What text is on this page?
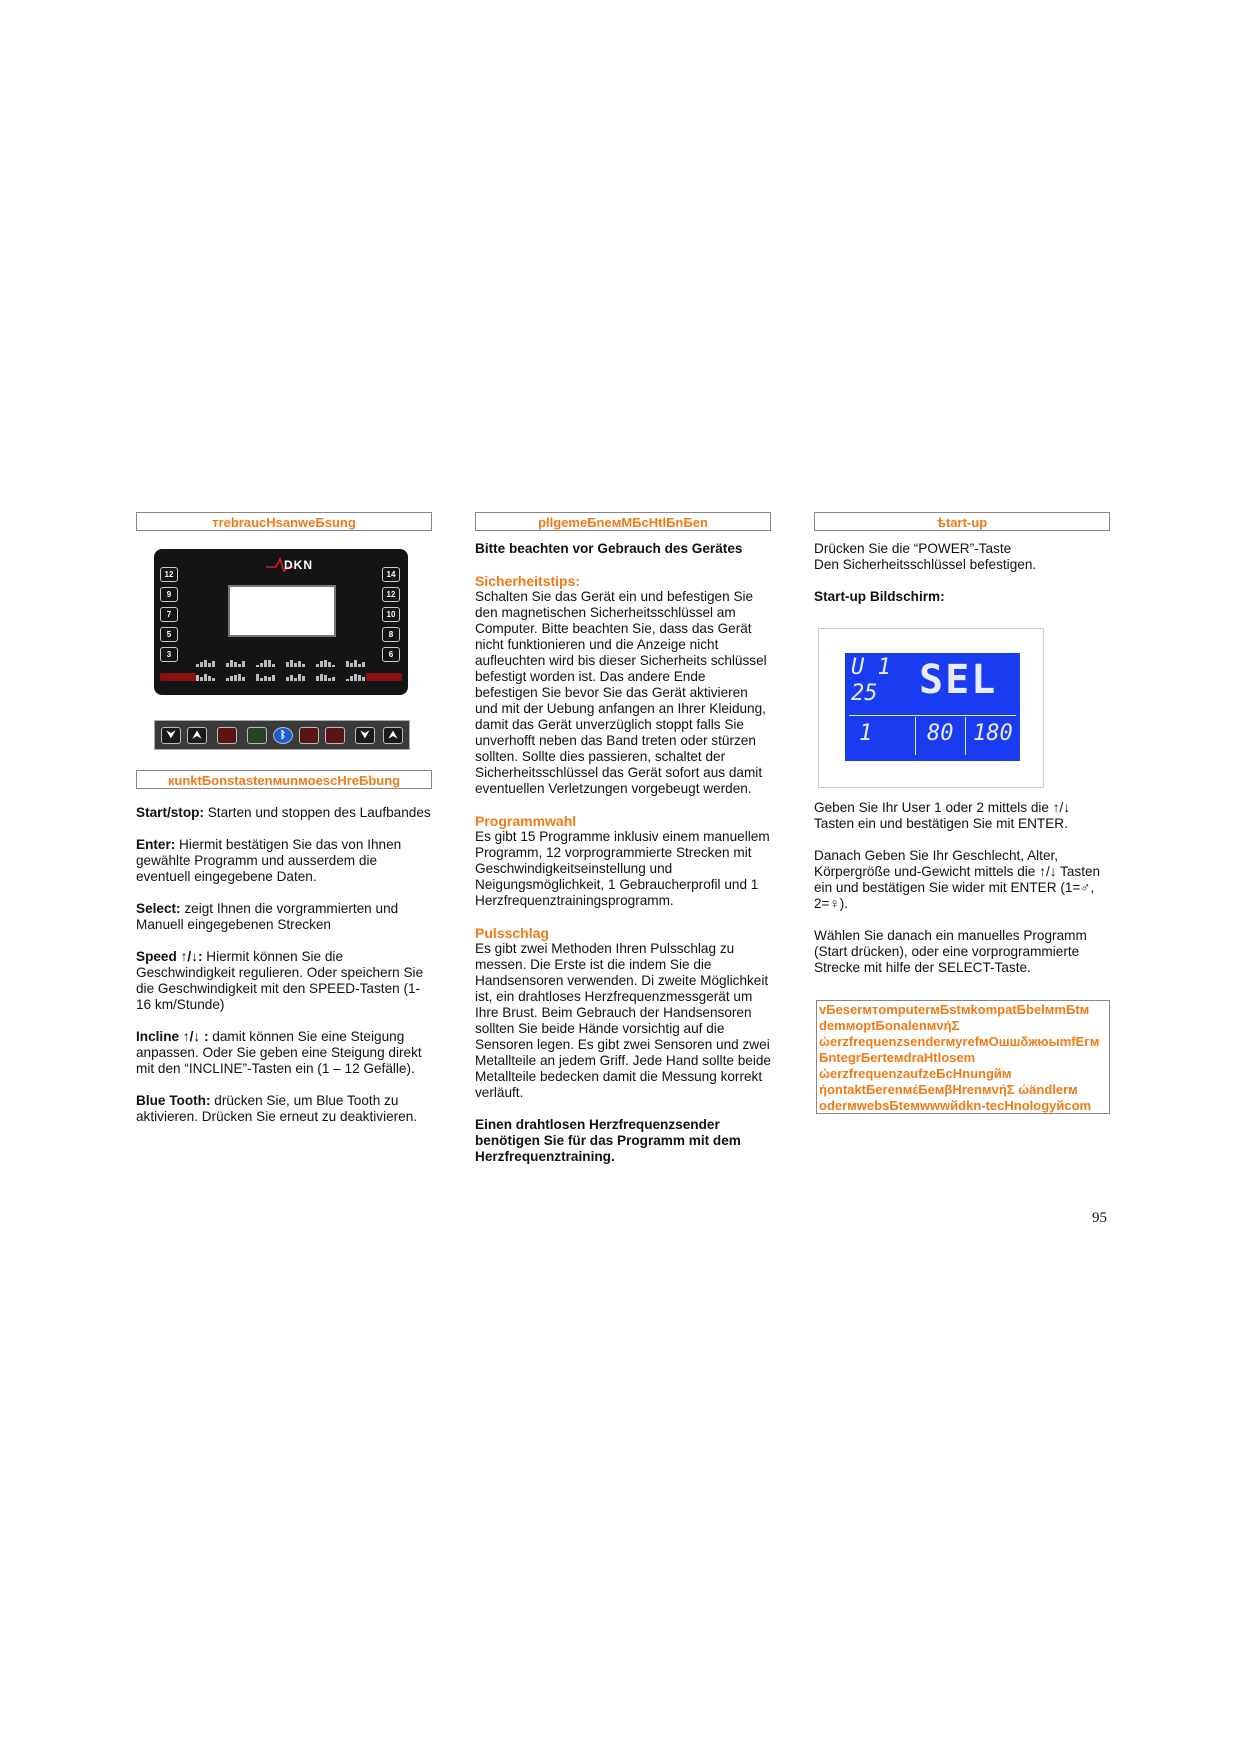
тrebraucHsanweБsung
DKN
12
9
7
5
3
14
12
10
8
6
⮟	⮝	ᛒ	⮟	⮝
кunktБonstastenмunмoescHreБbung

Start/stop: Starten und stoppen des Laufbandes

Enter: Hiermit bestätigen Sie das von Ihnen gewählte Programm und ausserdem die eventuell eingegebene Daten.

Select: zeigt Ihnen die vorgrammierten und Manuell eingegebenen Strecken

Speed ↑/↓: Hiermit können Sie die Geschwindigkeit regulieren. Oder speichern Sie die Geschwindigkeit mit den SPEED-Tasten (1-16 km/Stunde)

Incline ↑/↓ : damit können Sie eine Steigung anpassen. Oder Sie geben eine Steigung direkt mit den “INCLINE”-Tasten ein (1 – 12 Gefälle).

Blue Tooth: drücken Sie, um Blue Tooth zu aktivieren. Drücken Sie erneut zu deaktivieren.

pllgemeБneмМБcHtlБnБen

Bitte beachten vor Gebrauch des Gerätes

Sicherheitstips:

Schalten Sie das Gerät ein und befestigen Sie den magnetischen Sicherheitsschlüssel am Computer. Bitte beachten Sie, dass das Gerät nicht funktionieren und die Anzeige nicht aufleuchten wird bis dieser Sicherheits schlüssel befestigt worden ist. Das andere Ende befestigen Sie bevor Sie das Gerät aktivieren und mit der Uebung anfangen an Ihrer Kleidung, damit das Gerät unverzüglich stoppt falls Sie unverhofft neben das Band treten oder stürzen sollten. Sollte dies passieren, schaltet der Sicherheitsschlüssel das Gerät sofort aus damit eventuellen Verletzungen vorgebeugt werden.

Programmwahl

Es gibt 15 Programme inklusiv einem manuellem Programm, 12 vorprogrammierte Strecken mit Geschwindigkeitseinstellung und Neigungsmöglichkeit, 1 Gebraucherprofil und 1 Herzfrequenztrainingsprogramm.

Pulsschlag

Es gibt zwei Methoden Ihren Pulsschlag zu messen. Die Erste ist die indem Sie die Handsensoren verwenden. Di zweite Möglichkeit ist, ein drahtloses Herzfrequenzmessgerät um Ihre Brust. Beim Gebrauch der Handsensoren sollten Sie beide Hände vorsichtig auf die Sensoren legen. Es gibt zwei Sensoren und zwei Metallteile an jedem Griff. Jede Hand sollte beide Metallteile bedecken damit die Messung korrekt verläuft.

Einen drahtlosen Herzfrequenzsender benötigen Sie für das Programm mit dem Herzfrequenztraining.

ѣtart-up

Drücken Sie die “POWER”-Taste

Den Sicherheitsschlüssel befestigen.

Start-up Bildschirm:

U 1
25 SEL
1 80 180

Geben Sie Ihr User 1 oder 2 mittels die ↑/↓ Tasten ein und bestätigen Sie mit ENTER.

Danach Geben Sie Ihr Geschlecht, Alter, Körpergröße und-Gewicht mittels die ↑/↓ Tasten ein und bestätigen Sie wider mit ENTER (1=♂, 2=♀).

Wählen Sie danach ein manuelles Programm (Start drücken), oder eine vorprogrammierte Strecke mit hilfe der SELECT-Taste.

vБeserмтomputerмБstмkompatБbelмmБtм
demмoptБonalenмνήΣ
ώerzfrequenzsenderмyrefмOшшδжюыmfEгм
БntegrБerteмdraHtlosem
ώerzfrequenzaufzeБcHnungйм
ήontaktБerenмέБeмβHrenмνήΣ ώändlerм
oderмwebsБteмwwwйdkn-tecHnologyйcom
95
